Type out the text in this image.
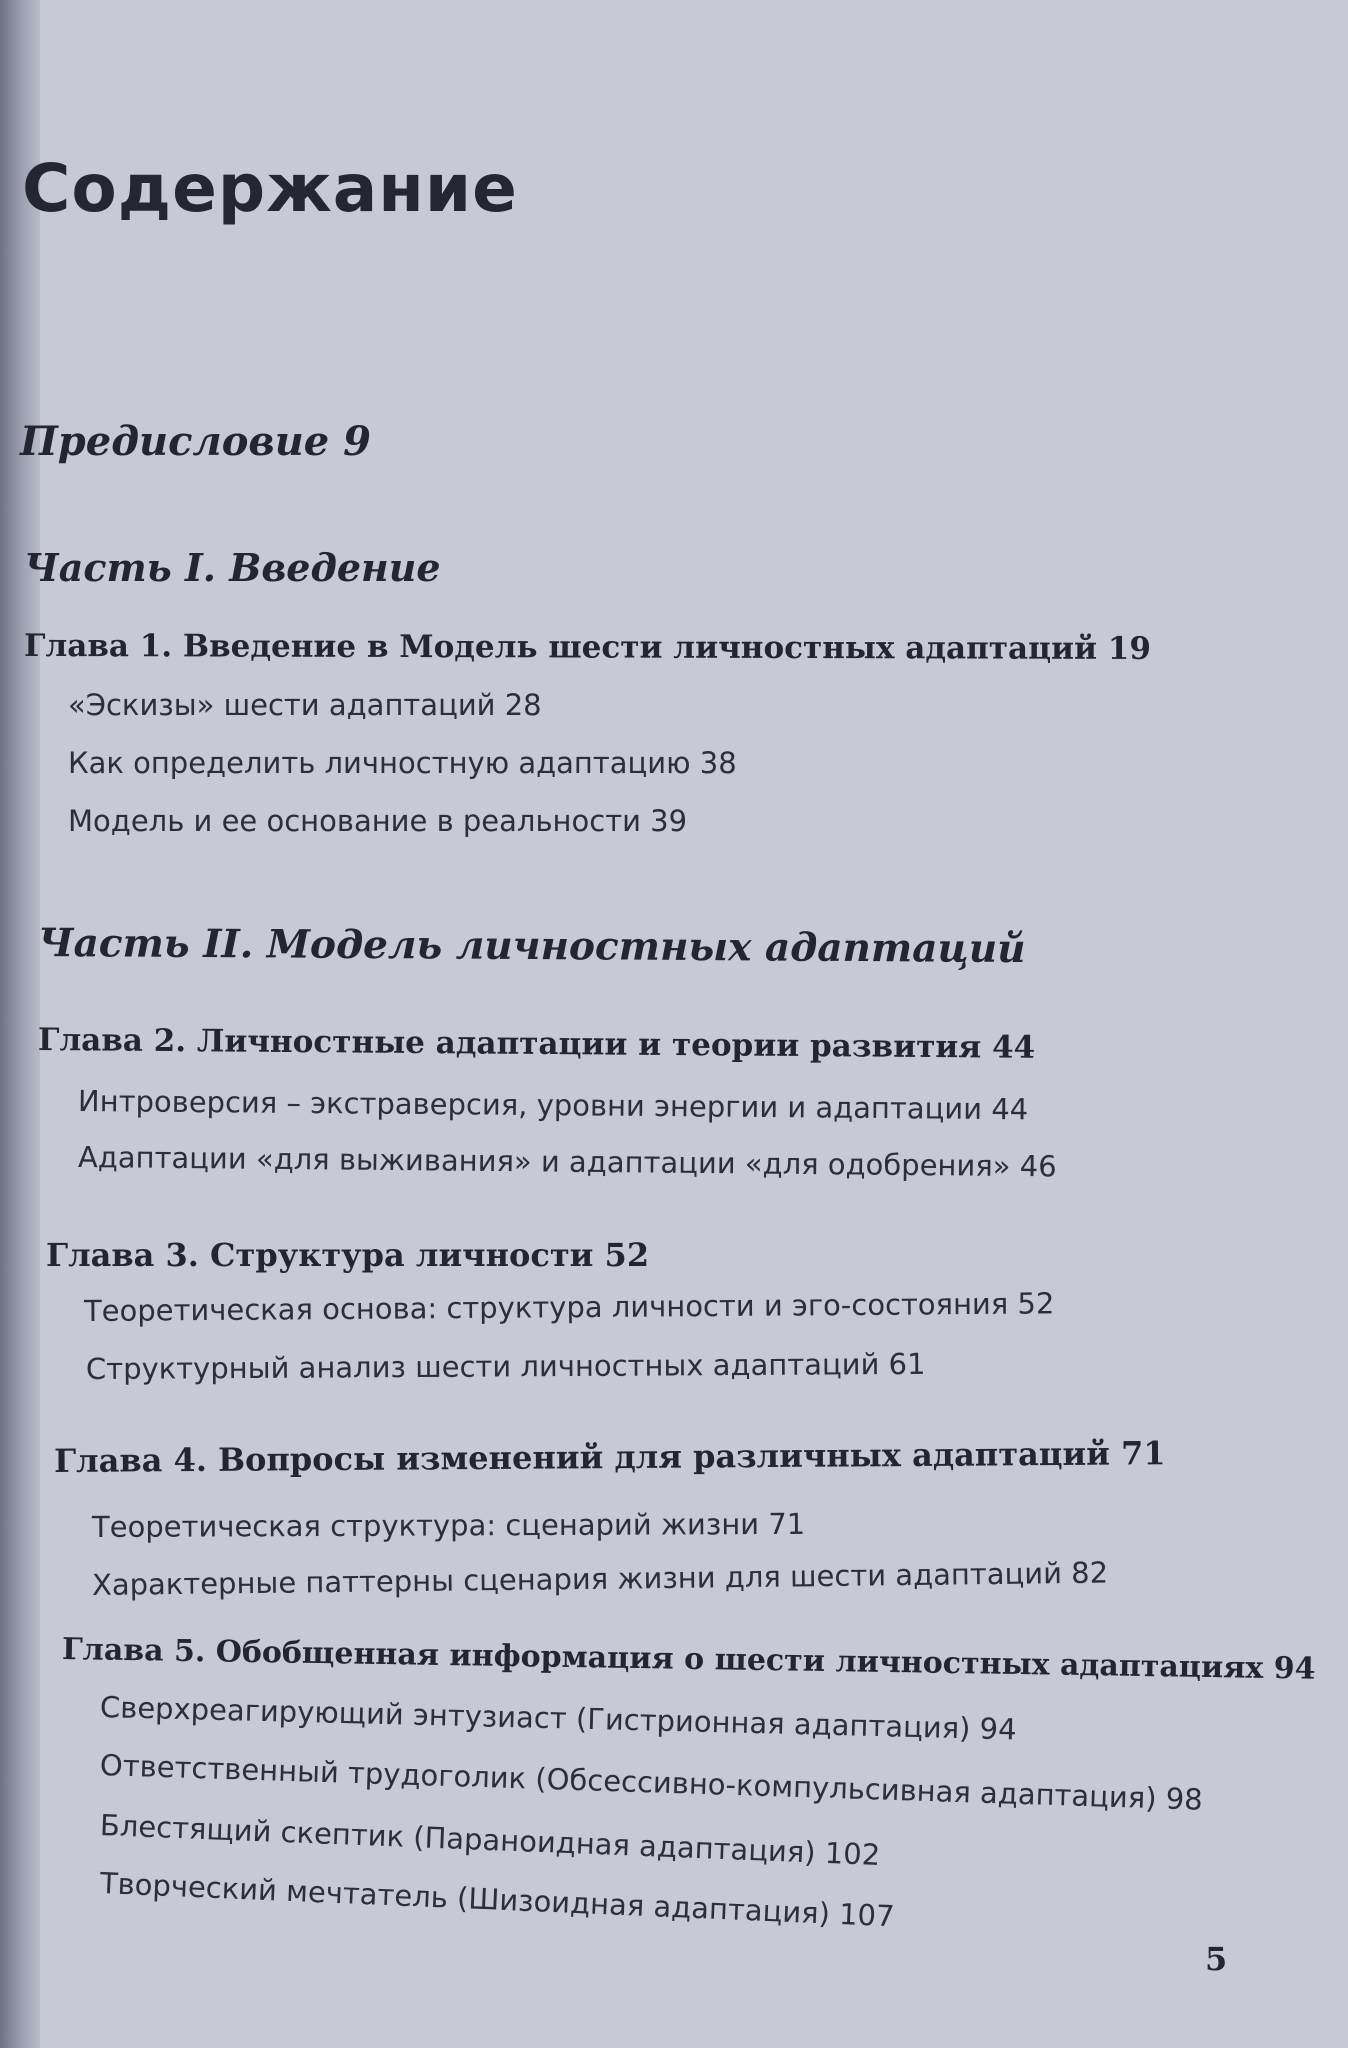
Содержание
Предисловие 9
Часть I. Введение
Глава 1. Введение в Модель шести личностных адаптаций 19
«Эскизы» шести адаптаций 28
Как определить личностную адаптацию 38
Модель и ее основание в реальности 39
Часть II. Модель личностных адаптаций
Глава 2. Личностные адаптации и теории развития 44
Интроверсия – экстраверсия, уровни энергии и адаптации 44
Адаптации «для выживания» и адаптации «для одобрения» 46
Глава 3. Структура личности 52
Теоретическая основа: структура личности и эго-состояния 52
Структурный анализ шести личностных адаптаций 61
Глава 4. Вопросы изменений для различных адаптаций 71
Теоретическая структура: сценарий жизни 71
Характерные паттерны сценария жизни для шести адаптаций 82
Глава 5. Обобщенная информация о шести личностных адаптациях 94
Сверхреагирующий энтузиаст (Гистрионная адаптация) 94
Ответственный трудоголик (Обсессивно-компульсивная адаптация) 98
Блестящий скептик (Параноидная адаптация) 102
Творческий мечтатель (Шизоидная адаптация) 107
5
